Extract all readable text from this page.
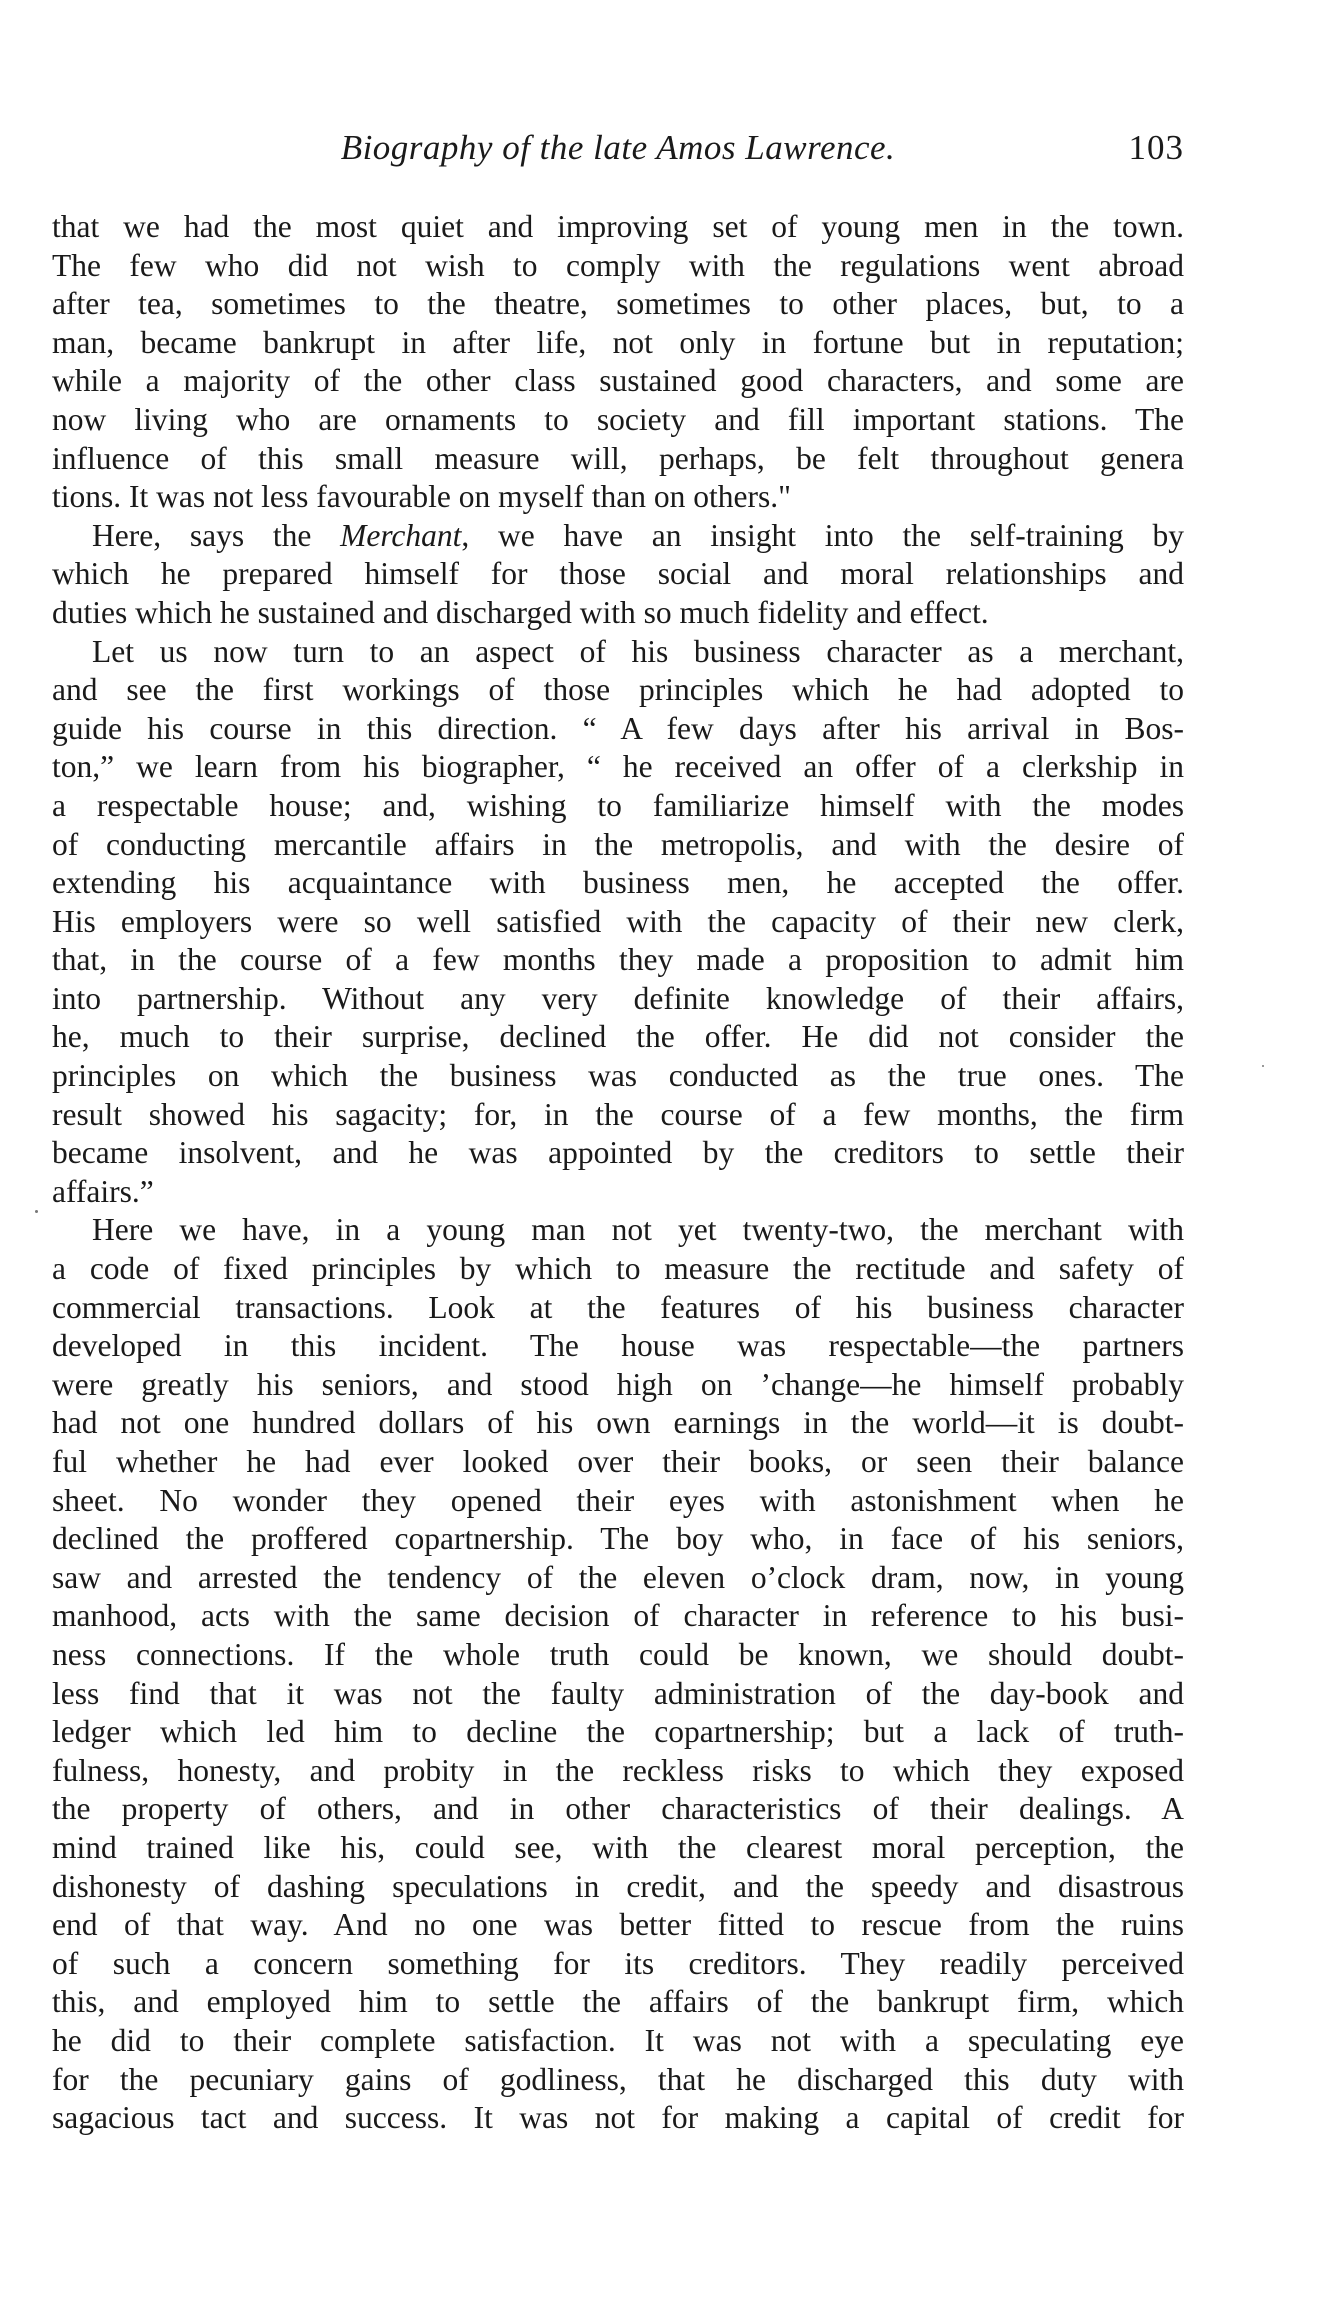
Biography of the late Amos Lawrence.	103
that we had the most quiet and improving set of young men in the town.
The few who did not wish to comply with the regulations went abroad
after tea, sometimes to the theatre, sometimes to other places, but, to a
man, became bankrupt in after life, not only in fortune but in reputation;
while a majority of the other class sustained good characters, and some are
now living who are ornaments to society and fill important stations. The
influence of this small measure will, perhaps, be felt throughout genera
tions. It was not less favourable on myself than on others."
Here, says the Merchant, we have an insight into the self-training by
which he prepared himself for those social and moral relationships and
duties which he sustained and discharged with so much fidelity and effect.
Let us now turn to an aspect of his business character as a merchant,
and see the first workings of those principles which he had adopted to
guide his course in this direction. “ A few days after his arrival in Bos-
ton,” we learn from his biographer, “ he received an offer of a clerkship in
a respectable house; and, wishing to familiarize himself with the modes
of conducting mercantile affairs in the metropolis, and with the desire of
extending his acquaintance with business men, he accepted the offer.
His employers were so well satisfied with the capacity of their new clerk,
that, in the course of a few months they made a proposition to admit him
into partnership. Without any very definite knowledge of their affairs,
he, much to their surprise, declined the offer. He did not consider the
principles on which the business was conducted as the true ones. The
result showed his sagacity; for, in the course of a few months, the firm
became insolvent, and he was appointed by the creditors to settle their
affairs.”
Here we have, in a young man not yet twenty-two, the merchant with
a code of fixed principles by which to measure the rectitude and safety of
commercial transactions. Look at the features of his business character
developed in this incident. The house was respectable—the partners
were greatly his seniors, and stood high on ’change—he himself probably
had not one hundred dollars of his own earnings in the world—it is doubt-
ful whether he had ever looked over their books, or seen their balance
sheet. No wonder they opened their eyes with astonishment when he
declined the proffered copartnership. The boy who, in face of his seniors,
saw and arrested the tendency of the eleven o’clock dram, now, in young
manhood, acts with the same decision of character in reference to his busi-
ness connections. If the whole truth could be known, we should doubt-
less find that it was not the faulty administration of the day-book and
ledger which led him to decline the copartnership; but a lack of truth-
fulness, honesty, and probity in the reckless risks to which they exposed
the property of others, and in other characteristics of their dealings. A
mind trained like his, could see, with the clearest moral perception, the
dishonesty of dashing speculations in credit, and the speedy and disastrous
end of that way. And no one was better fitted to rescue from the ruins
of such a concern something for its creditors. They readily perceived
this, and employed him to settle the affairs of the bankrupt firm, which
he did to their complete satisfaction. It was not with a speculating eye
for the pecuniary gains of godliness, that he discharged this duty with
sagacious tact and success. It was not for making a capital of credit for
